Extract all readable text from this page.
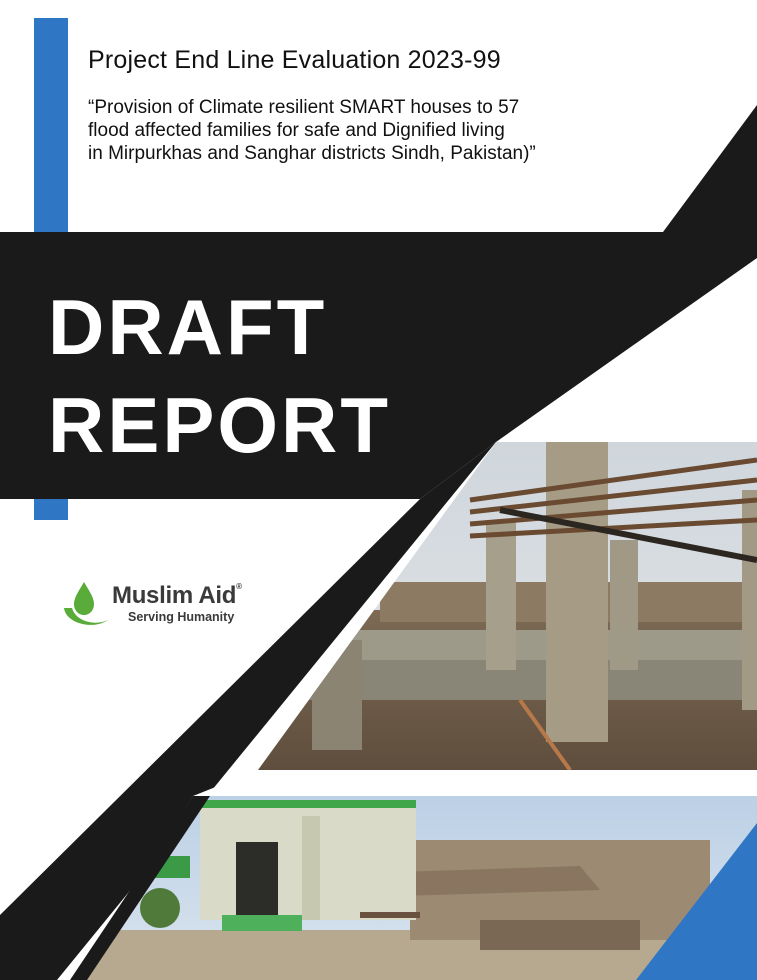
Project End Line Evaluation 2023-99
“Provision of Climate resilient SMART houses to 57
flood affected families for safe and Dignified living
in Mirpurkhas and Sanghar districts Sindh, Pakistan)”
DRAFT
REPORT
Muslim Aid®
Serving Humanity
